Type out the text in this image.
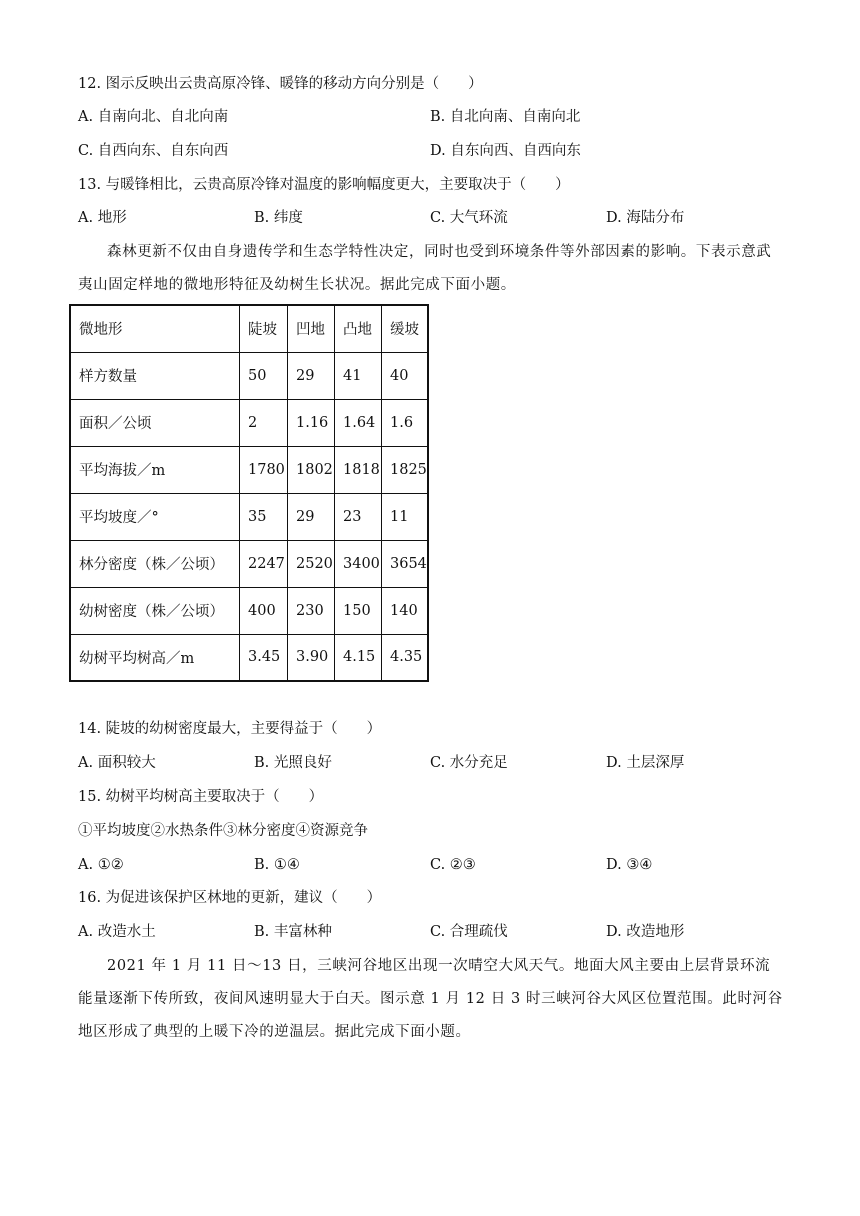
12. 图示反映出云贵高原冷锋、暖锋的移动方向分别是（　　）
A. 自南向北、自北向南	B. 自北向南、自南向北
C. 自西向东、自东向西	D. 自东向西、自西向东
13. 与暖锋相比，云贵高原冷锋对温度的影响幅度更大，主要取决于（　　）
A. 地形	B. 纬度	C. 大气环流	D. 海陆分布
森林更新不仅由自身遗传学和生态学特性决定，同时也受到环境条件等外部因素的影响。下表示意武夷山固定样地的微地形特征及幼树生长状况。据此完成下面小题。
微地形	陡坡	凹地	凸地	缓坡
样方数量	50	29	41	40
面积／公顷	2	1.16	1.64	1.6
平均海拔／m	1780	1802	1818	1825
平均坡度／°	35	29	23	11
林分密度（株／公顷）	2247	2520	3400	3654
幼树密度（株／公顷）	400	230	150	140
幼树平均树高／m	3.45	3.90	4.15	4.35
14. 陡坡的幼树密度最大，主要得益于（　　）
A. 面积较大	B. 光照良好	C. 水分充足	D. 土层深厚
15. 幼树平均树高主要取决于（　　）
①平均坡度②水热条件③林分密度④资源竞争
A. ①②	B. ①④	C. ②③	D. ③④
16. 为促进该保护区林地的更新，建议（　　）
A. 改造水土	B. 丰富林种	C. 合理疏伐	D. 改造地形
2021 年 1 月 11 日～13 日，三峡河谷地区出现一次晴空大风天气。地面大风主要由上层背景环流能量逐渐下传所致，夜间风速明显大于白天。图示意 1 月 12 日 3 时三峡河谷大风区位置范围。此时河谷地区形成了典型的上暖下冷的逆温层。据此完成下面小题。
